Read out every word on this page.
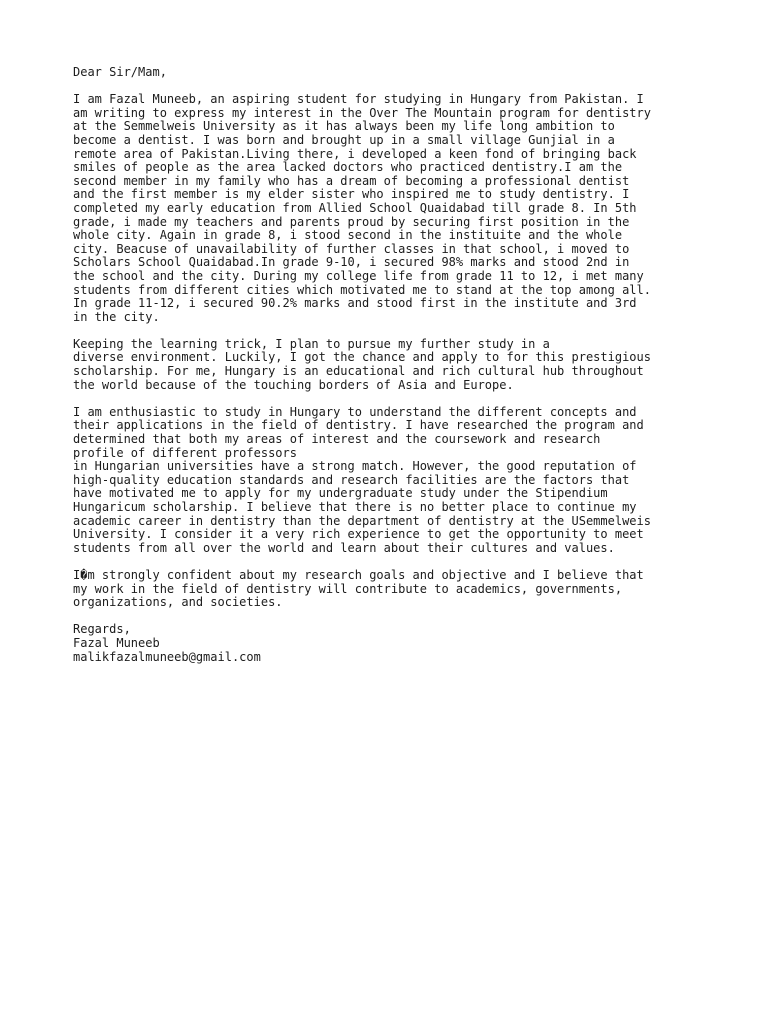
Dear Sir/Mam,
I am Fazal Muneeb, an aspiring student for studying in Hungary from Pakistan. I
am writing to express my interest in the Over The Mountain program for dentistry
at the Semmelweis University as it has always been my life long ambition to
become a dentist. I was born and brought up in a small village Gunjial in a
remote area of Pakistan.Living there, i developed a keen fond of bringing back
smiles of people as the area lacked doctors who practiced dentistry.I am the
second member in my family who has a dream of becoming a professional dentist
and the first member is my elder sister who inspired me to study dentistry. I
completed my early education from Allied School Quaidabad till grade 8. In 5th
grade, i made my teachers and parents proud by securing first position in the
whole city. Again in grade 8, i stood second in the instituite and the whole
city. Beacuse of unavailability of further classes in that school, i moved to
Scholars School Quaidabad.In grade 9-10, i secured 98% marks and stood 2nd in
the school and the city. During my college life from grade 11 to 12, i met many
students from different cities which motivated me to stand at the top among all.
In grade 11-12, i secured 90.2% marks and stood first in the institute and 3rd
in the city.
Keeping the learning trick, I plan to pursue my further study in a
diverse environment. Luckily, I got the chance and apply to for this prestigious
scholarship. For me, Hungary is an educational and rich cultural hub throughout
the world because of the touching borders of Asia and Europe.
I am enthusiastic to study in Hungary to understand the different concepts and
their applications in the field of dentistry. I have researched the program and
determined that both my areas of interest and the coursework and research
profile of different professors
in Hungarian universities have a strong match. However, the good reputation of
high-quality education standards and research facilities are the factors that
have motivated me to apply for my undergraduate study under the Stipendium
Hungaricum scholarship. I believe that there is no better place to continue my
academic career in dentistry than the department of dentistry at the USemmelweis
University. I consider it a very rich experience to get the opportunity to meet
students from all over the world and learn about their cultures and values.
I�m strongly confident about my research goals and objective and I believe that
my work in the field of dentistry will contribute to academics, governments,
organizations, and societies.
Regards,
Fazal Muneeb
malikfazalmuneeb@gmail.com
